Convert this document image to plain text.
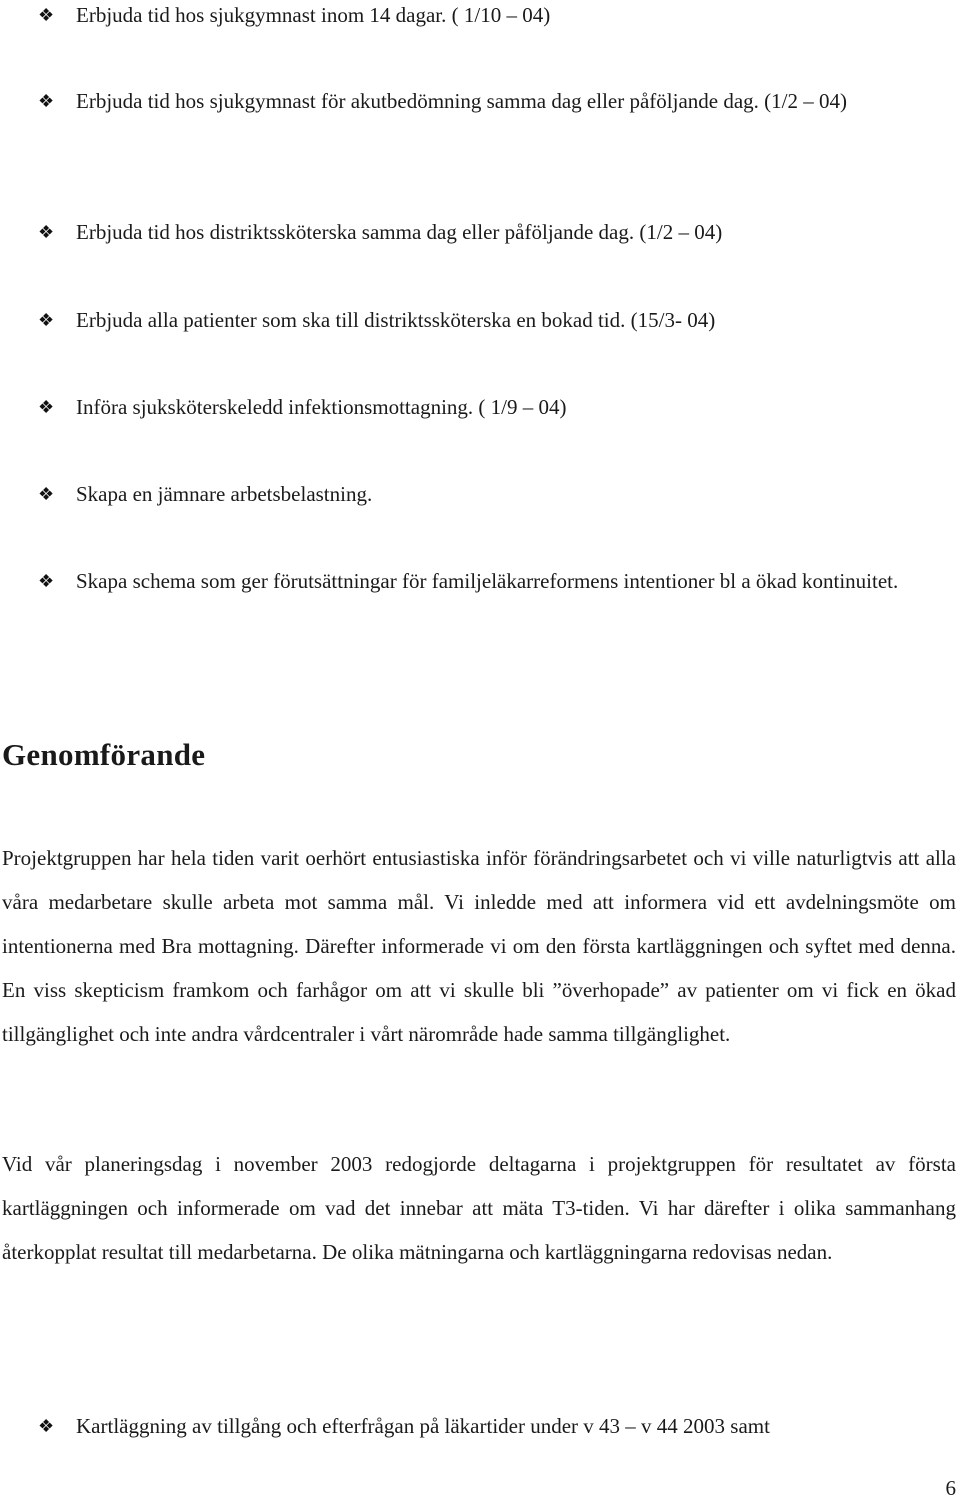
❖ Erbjuda tid hos sjukgymnast inom 14 dagar. ( 1/10 – 04)
❖ Erbjuda tid hos sjukgymnast för akutbedömning samma dag eller påföljande dag. (1/2 – 04)
❖ Erbjuda tid hos distriktssköterska samma dag eller påföljande dag. (1/2 – 04)
❖ Erbjuda alla patienter som ska till distriktssköterska en bokad tid. (15/3- 04)
❖ Införa sjuksköterskeledd infektionsmottagning. ( 1/9 – 04)
❖ Skapa en jämnare arbetsbelastning.
❖ Skapa schema som ger förutsättningar för familjeläkarreformens intentioner bl a ökad kontinuitet.
Genomförande

Projektgruppen har hela tiden varit oerhört entusiastiska inför förändringsarbetet och vi ville naturligtvis att alla våra medarbetare skulle arbeta mot samma mål. Vi inledde med att informera vid ett avdelningsmöte om intentionerna med Bra mottagning. Därefter informerade vi om den första kartläggningen och syftet med denna. En viss skepticism framkom och farhågor om att vi skulle bli ”överhopade” av patienter om vi fick en ökad tillgänglighet och inte andra vårdcentraler i vårt närområde hade samma tillgänglighet.

Vid vår planeringsdag i november 2003 redogjorde deltagarna i projektgruppen för resultatet av första kartläggningen och informerade om vad det innebar att mäta T3-tiden. Vi har därefter i olika sammanhang återkopplat resultat till medarbetarna. De olika mätningarna och kartläggningarna redovisas nedan.

❖ Kartläggning av tillgång och efterfrågan på läkartider under v 43 – v 44 2003 samt
6
